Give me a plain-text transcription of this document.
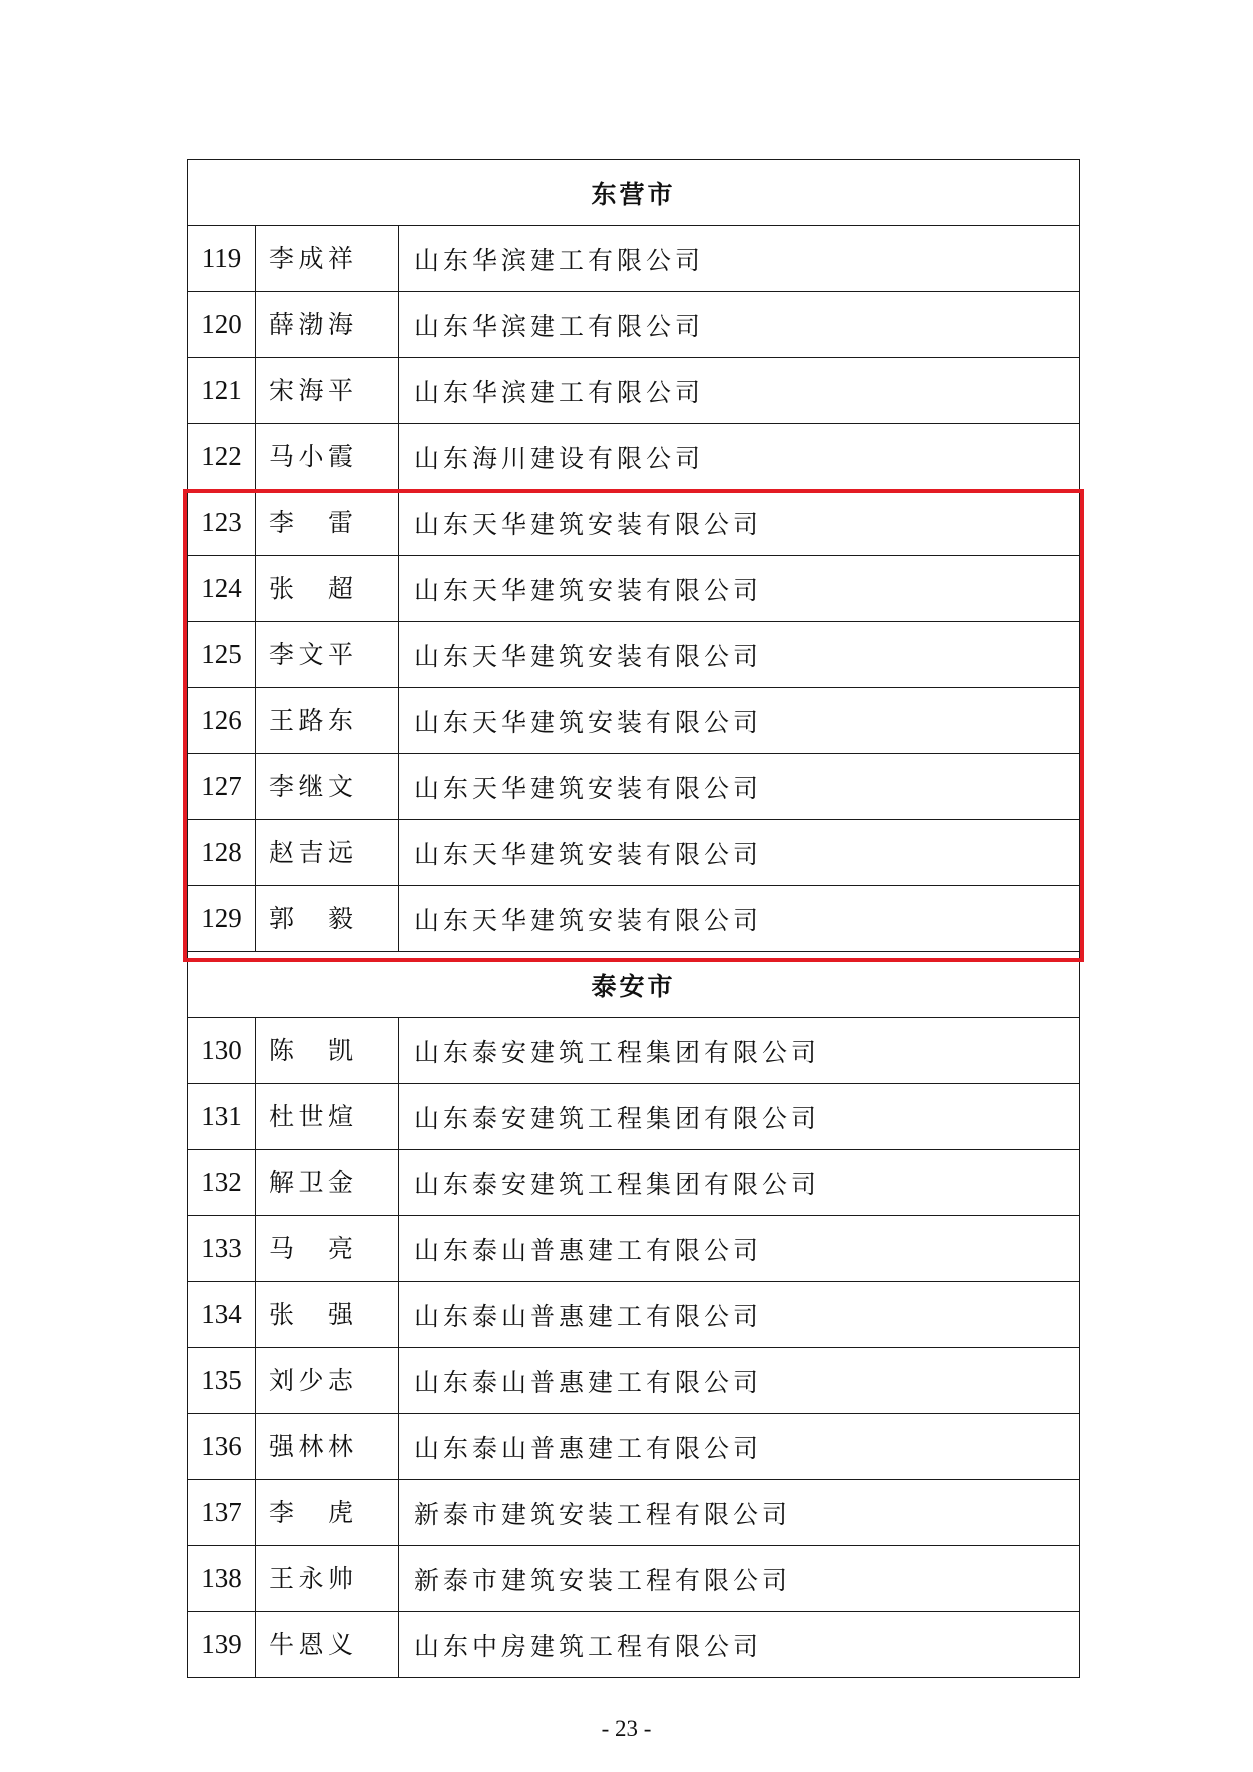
东营市		
119	李成祥	山东华滨建工有限公司
120	薛渤海	山东华滨建工有限公司
121	宋海平	山东华滨建工有限公司
122	马小霞	山东海川建设有限公司
123	李 雷	山东天华建筑安装有限公司
124	张 超	山东天华建筑安装有限公司
125	李文平	山东天华建筑安装有限公司
126	王路东	山东天华建筑安装有限公司
127	李继文	山东天华建筑安装有限公司
128	赵吉远	山东天华建筑安装有限公司
129	郭 毅	山东天华建筑安装有限公司
泰安市		
130	陈 凯	山东泰安建筑工程集团有限公司
131	杜世煊	山东泰安建筑工程集团有限公司
132	解卫金	山东泰安建筑工程集团有限公司
133	马 亮	山东泰山普惠建工有限公司
134	张 强	山东泰山普惠建工有限公司
135	刘少志	山东泰山普惠建工有限公司
136	强林林	山东泰山普惠建工有限公司
137	李 虎	新泰市建筑安装工程有限公司
138	王永帅	新泰市建筑安装工程有限公司
139	牛恩义	山东中房建筑工程有限公司
- 23 -
